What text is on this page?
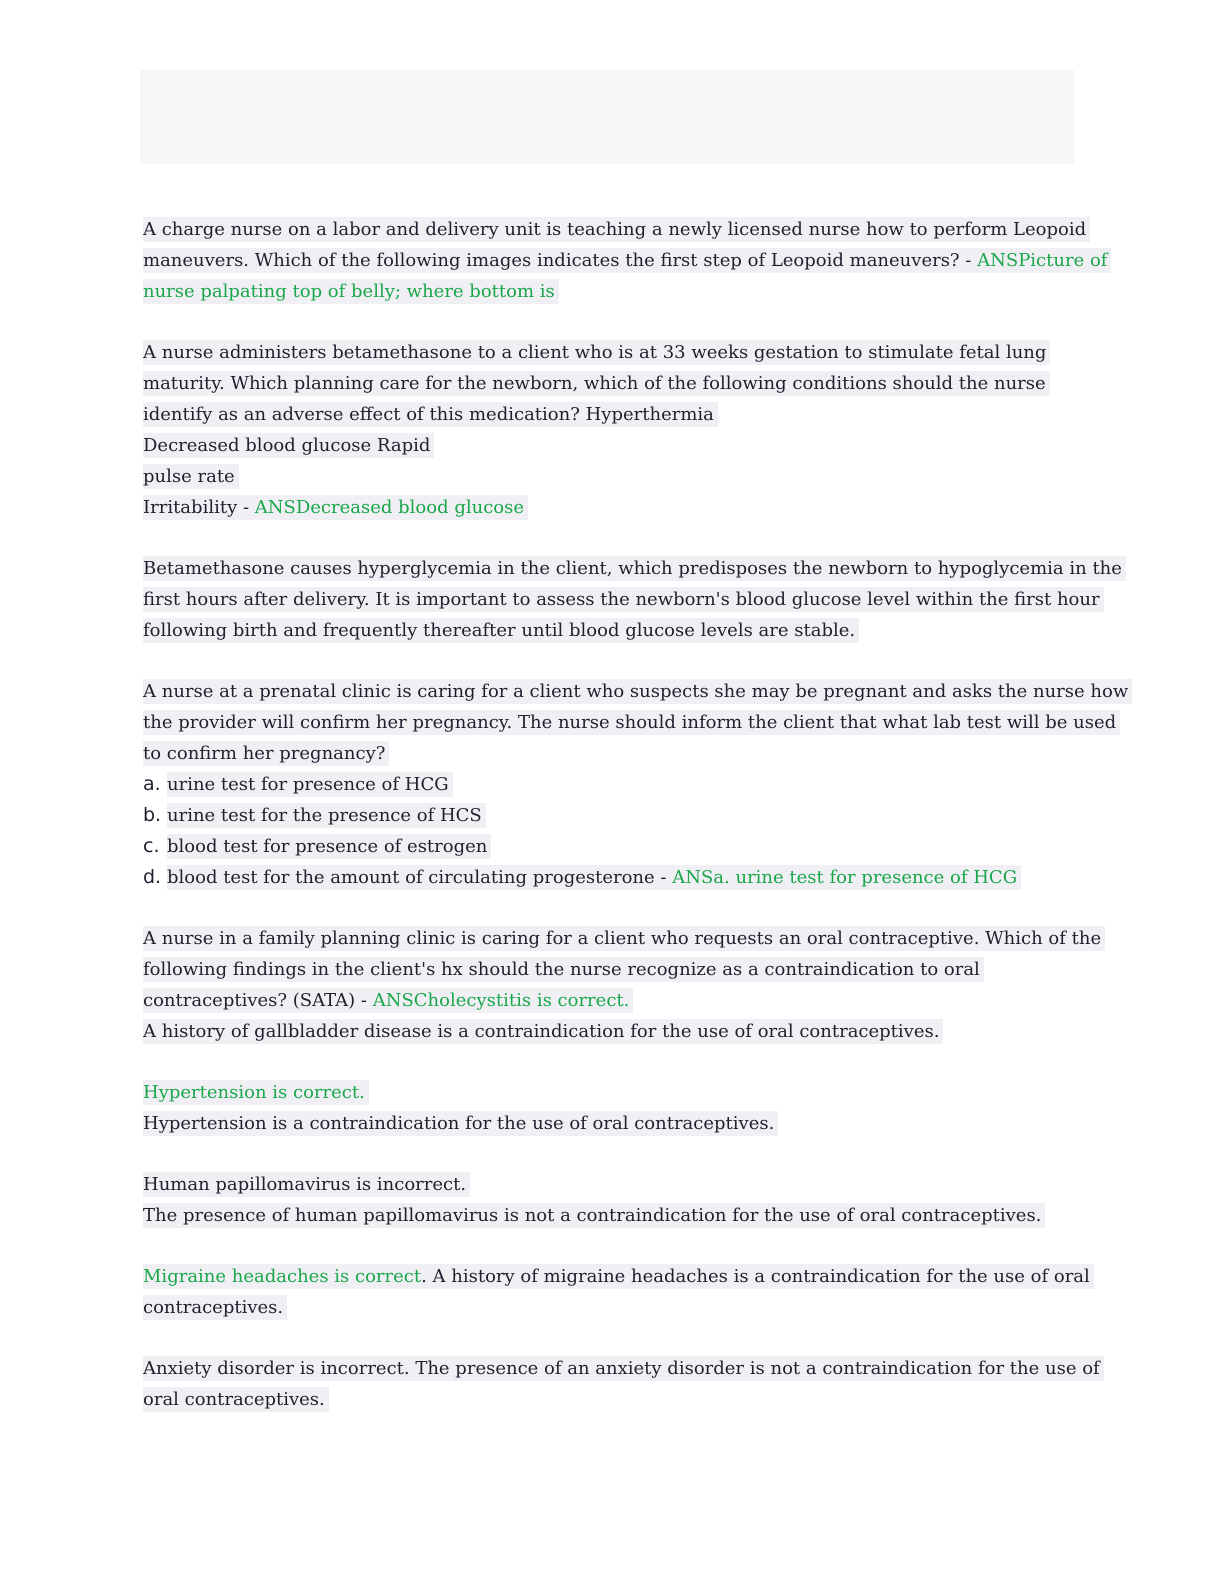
A charge nurse on a labor and delivery unit is teaching a newly licensed nurse how to perform Leopoid
maneuvers. Which of the following images indicates the first step of Leopoid maneuvers? - ANSPicture of
nurse palpating top of belly; where bottom is
A nurse administers betamethasone to a client who is at 33 weeks gestation to stimulate fetal lung
maturity. Which planning care for the newborn, which of the following conditions should the nurse
identify as an adverse effect of this medication? Hyperthermia
Decreased blood glucose Rapid
pulse rate
Irritability - ANSDecreased blood glucose
Betamethasone causes hyperglycemia in the client, which predisposes the newborn to hypoglycemia in the
first hours after delivery. It is important to assess the newborn's blood glucose level within the first hour
following birth and frequently thereafter until blood glucose levels are stable.
A nurse at a prenatal clinic is caring for a client who suspects she may be pregnant and asks the nurse how
the provider will confirm her pregnancy. The nurse should inform the client that what lab test will be used
to confirm her pregnancy?
a. urine test for presence of HCG
b. urine test for the presence of HCS
c. blood test for presence of estrogen
d. blood test for the amount of circulating progesterone - ANSa. urine test for presence of HCG
A nurse in a family planning clinic is caring for a client who requests an oral contraceptive. Which of the
following findings in the client's hx should the nurse recognize as a contraindication to oral
contraceptives? (SATA) - ANSCholecystitis is correct.
A history of gallbladder disease is a contraindication for the use of oral contraceptives.
Hypertension is correct.
Hypertension is a contraindication for the use of oral contraceptives.
Human papillomavirus is incorrect.
The presence of human papillomavirus is not a contraindication for the use of oral contraceptives.
Migraine headaches is correct. A history of migraine headaches is a contraindication for the use of oral
contraceptives.
Anxiety disorder is incorrect. The presence of an anxiety disorder is not a contraindication for the use of
oral contraceptives.
